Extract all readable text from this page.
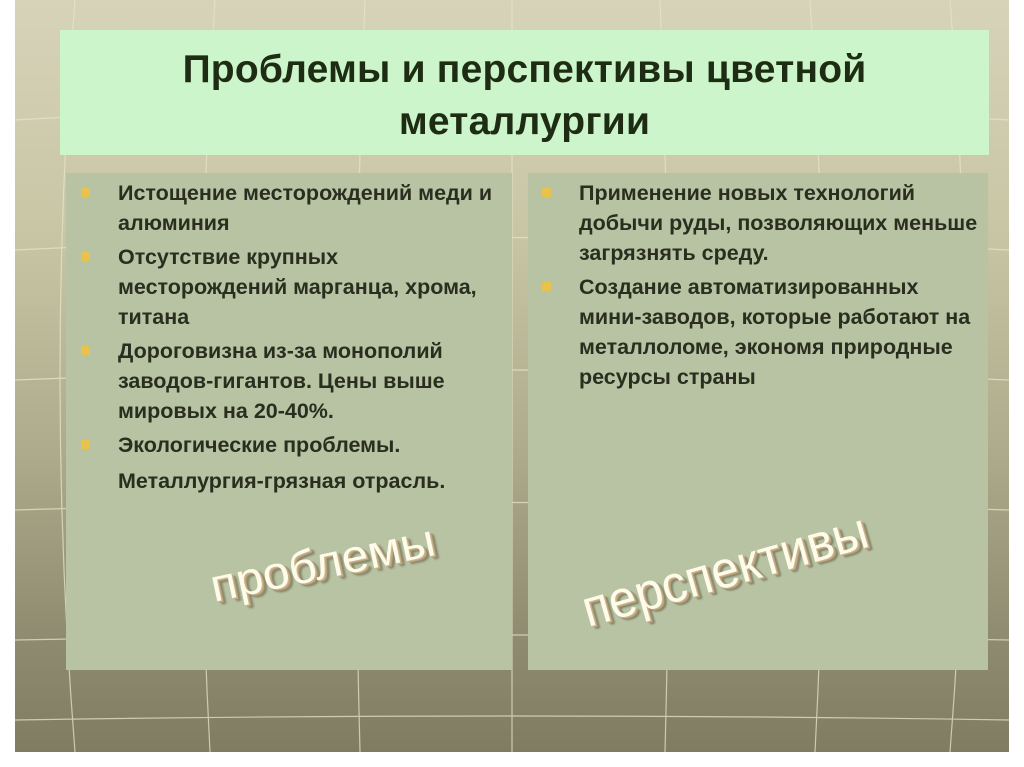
Проблемы и перспективы цветной
металлургии
Истощение месторождений меди и алюминия
Отсутствие крупных месторождений марганца, хрома, титана
Дороговизна из-за монополий заводов-гигантов. Цены выше мировых на 20-40%.
Экологические проблемы.
Металлургия-грязная отрасль.
Применение новых технологий добычи руды, позволяющих меньше загрязнять среду.
Создание автоматизированных мини-заводов, которые работают на металлоломе, экономя природные ресурсы страны
проблемы	перспективы
